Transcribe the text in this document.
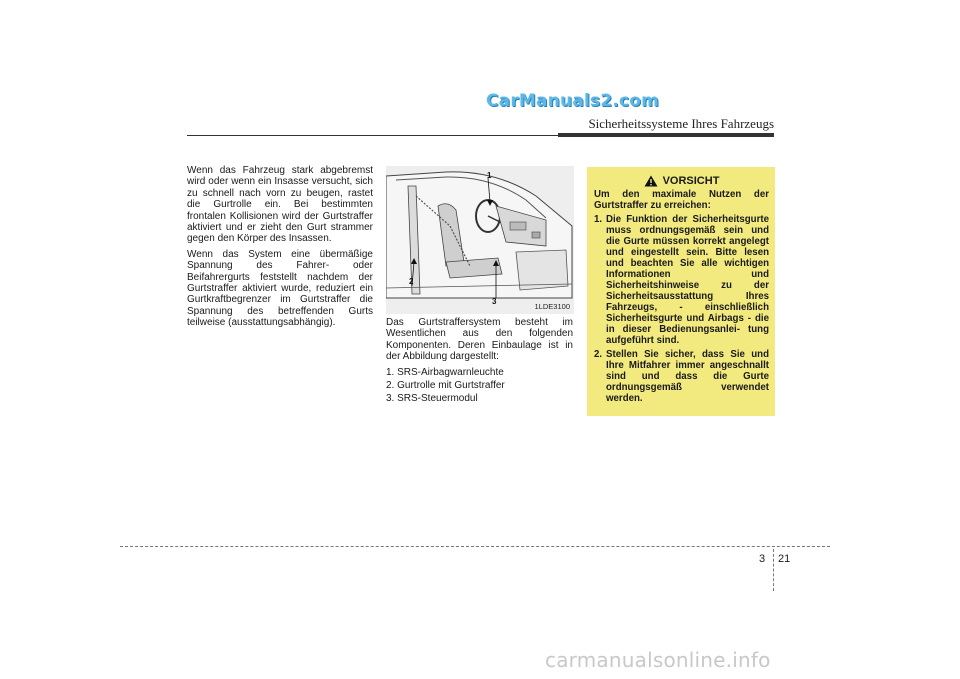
CarManuals2.com
Sicherheitssysteme Ihres Fahrzeugs

Wenn das Fahrzeug stark abgebremst wird oder wenn ein Insasse versucht, sich zu schnell nach vorn zu beugen, rastet die Gurtrolle ein. Bei bestimmten frontalen Kollisionen wird der Gurtstraffer aktiviert und er zieht den Gurt strammer gegen den Körper des Insassen.

Wenn das System eine übermäßige Spannung des Fahrer- oder Beifahrergurts feststellt nachdem der Gurtstraffer aktiviert wurde, reduziert ein Gurtkraftbegrenzer im Gurtstraffer die Spannung des betreffenden Gurts teilweise (ausstattungsabhängig).

1
2
3
1LDE3100

Das Gurtstraffersystem besteht im Wesentlichen aus den folgenden Komponenten. Deren Einbaulage ist in der Abbildung dargestellt:

1. SRS-Airbagwarnleuchte

2. Gurtrolle mit Gurtstraffer

3. SRS-Steuermodul

VORSICHT

Um den maximale Nutzen der Gurtstraffer zu erreichen:

1. Die Funktion der Sicherheitsgurte muss ordnungsgemäß sein und die Gurte müssen korrekt angelegt und eingestellt sein. Bitte lesen und beachten Sie alle wichtigen Informationen und Sicherheitshinweise zu der Sicherheitsausstattung Ihres Fahrzeugs, - einschließlich Sicherheitsgurte und Airbags - die in dieser Bedienungsanlei- tung aufgeführt sind.
2. Stellen Sie sicher, dass Sie und Ihre Mitfahrer immer angeschnallt sind und dass die Gurte ordnungsgemäß verwendet werden.
3 21
carmanualsonline.info
